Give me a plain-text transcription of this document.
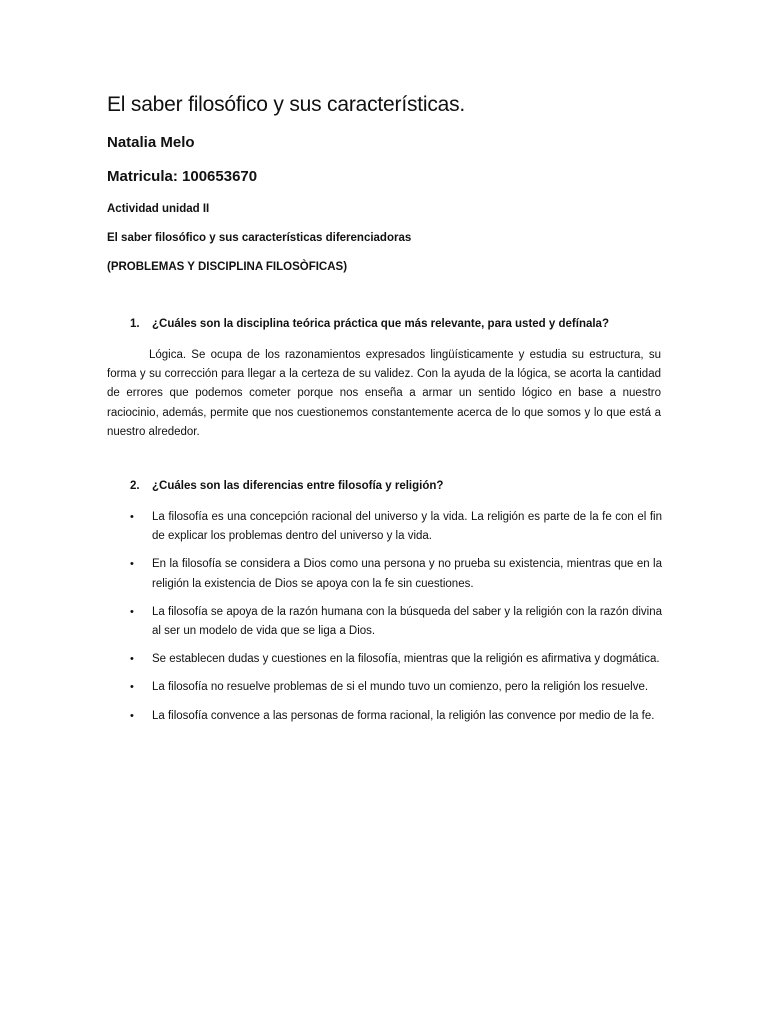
El saber filosófico y sus características.

Natalia Melo

Matricula: 100653670

Actividad unidad II

El saber filosófico y sus características diferenciadoras

(PROBLEMAS Y DISCIPLINA FILOSÒFICAS)

1. ¿Cuáles son la disciplina teórica práctica que más relevante, para usted y defínala?

Lógica. Se ocupa de los razonamientos expresados lingüísticamente y estudia su estructura, su forma y su corrección para llegar a la certeza de su validez. Con la ayuda de la lógica, se acorta la cantidad de errores que podemos cometer porque nos enseña a armar un sentido lógico en base a nuestro raciocinio, además, permite que nos cuestionemos constantemente acerca de lo que somos y lo que está a nuestro alrededor.

2. ¿Cuáles son las diferencias entre filosofía y religión?

• La filosofía es una concepción racional del universo y la vida. La religión es parte de la fe con el fin de explicar los problemas dentro del universo y la vida.
• En la filosofía se considera a Dios como una persona y no prueba su existencia, mientras que en la religión la existencia de Dios se apoya con la fe sin cuestiones.
• La filosofía se apoya de la razón humana con la búsqueda del saber y la religión con la razón divina al ser un modelo de vida que se liga a Dios.
• Se establecen dudas y cuestiones en la filosofía, mientras que la religión es afirmativa y dogmática.
• La filosofía no resuelve problemas de si el mundo tuvo un comienzo, pero la religión los resuelve.
• La filosofía convence a las personas de forma racional, la religión las convence por medio de la fe.
